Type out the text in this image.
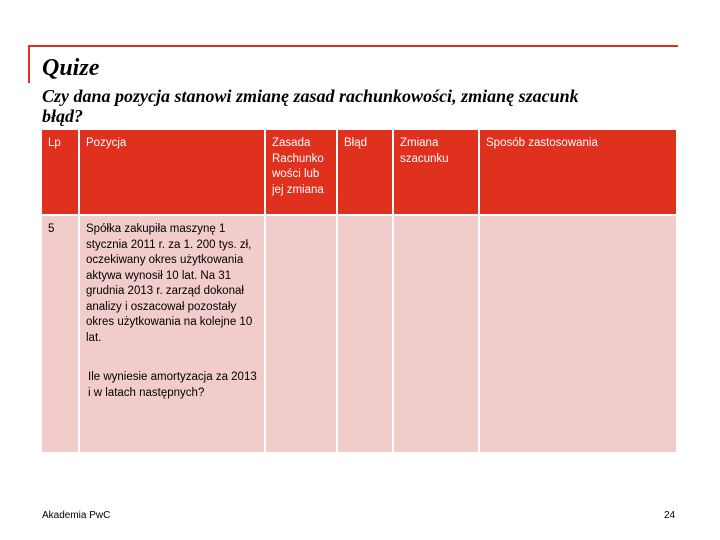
Quize
Czy dana pozycja stanowi zmianę zasad rachunkowości, zmianę szacunk
błąd?
Lp	Pozycja	Zasada Rachunko wości lub jej zmiana	Błąd	Zmiana szacunku	Sposób zastosowania
5	Spółka zakupiła maszynę 1 stycznia 2011 r. za 1. 200 tys. zł, oczekiwany okres użytkowania aktywa wynosił 10 lat. Na 31 grudnia 2013 r. zarząd dokonał analizy i oszacował pozostały okres użytkowania na kolejne 10 lat.
Ile wyniesie amortyzacja za 2013 i w latach następnych?				

Akademia PwC	24
